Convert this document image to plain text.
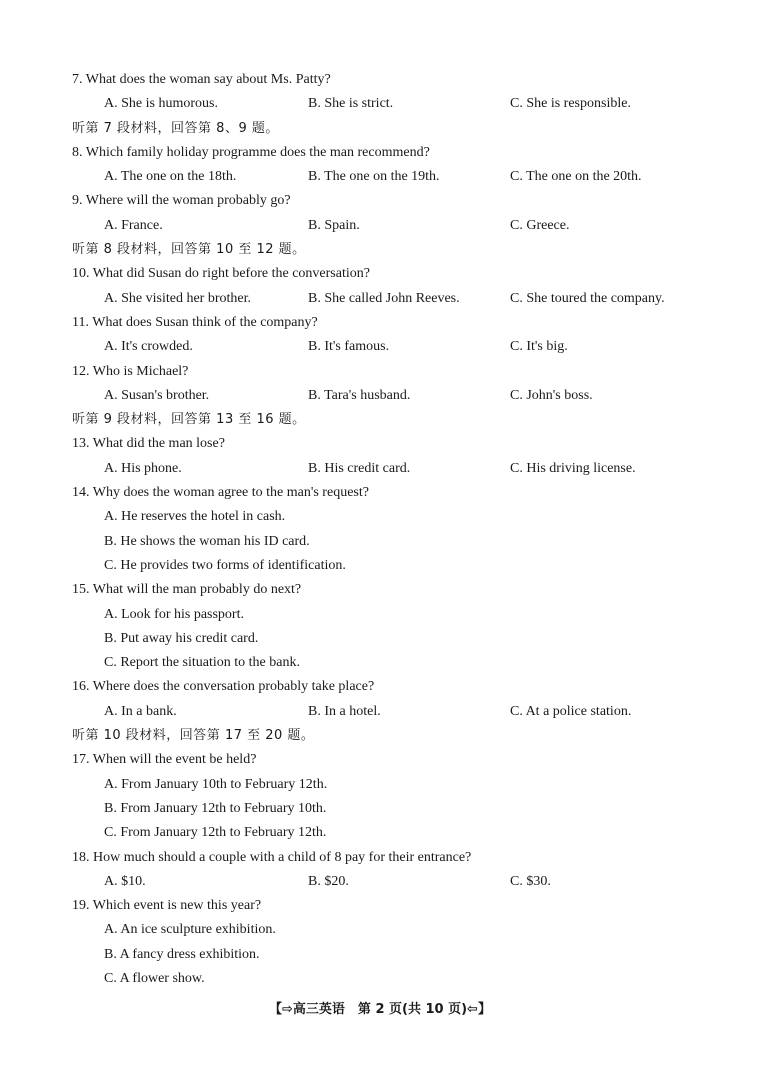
7. What does the woman say about Ms. Patty?
A. She is humorous.	B. She is strict.	C. She is responsible.
听第 7 段材料，回答第 8、9 题。
8. Which family holiday programme does the man recommend?
A. The one on the 18th.	B. The one on the 19th.	C. The one on the 20th.
9. Where will the woman probably go?
A. France.	B. Spain.	C. Greece.
听第 8 段材料，回答第 10 至 12 题。
10. What did Susan do right before the conversation?
A. She visited her brother.	B. She called John Reeves.	C. She toured the company.
11. What does Susan think of the company?
A. It's crowded.	B. It's famous.	C. It's big.
12. Who is Michael?
A. Susan's brother.	B. Tara's husband.	C. John's boss.
听第 9 段材料，回答第 13 至 16 题。
13. What did the man lose?
A. His phone.	B. His credit card.	C. His driving license.
14. Why does the woman agree to the man's request?
A. He reserves the hotel in cash.
B. He shows the woman his ID card.
C. He provides two forms of identification.
15. What will the man probably do next?
A. Look for his passport.
B. Put away his credit card.
C. Report the situation to the bank.
16. Where does the conversation probably take place?
A. In a bank.	B. In a hotel.	C. At a police station.
听第 10 段材料，回答第 17 至 20 题。
17. When will the event be held?
A. From January 10th to February 12th.
B. From January 12th to February 10th.
C. From January 12th to February 12th.
18. How much should a couple with a child of 8 pay for their entrance?
A. $10.	B. $20.	C. $30.
19. Which event is new this year?
A. An ice sculpture exhibition.
B. A fancy dress exhibition.
C. A flower show.
【⇨高三英语　第 2 页(共 10 页)⇦】
